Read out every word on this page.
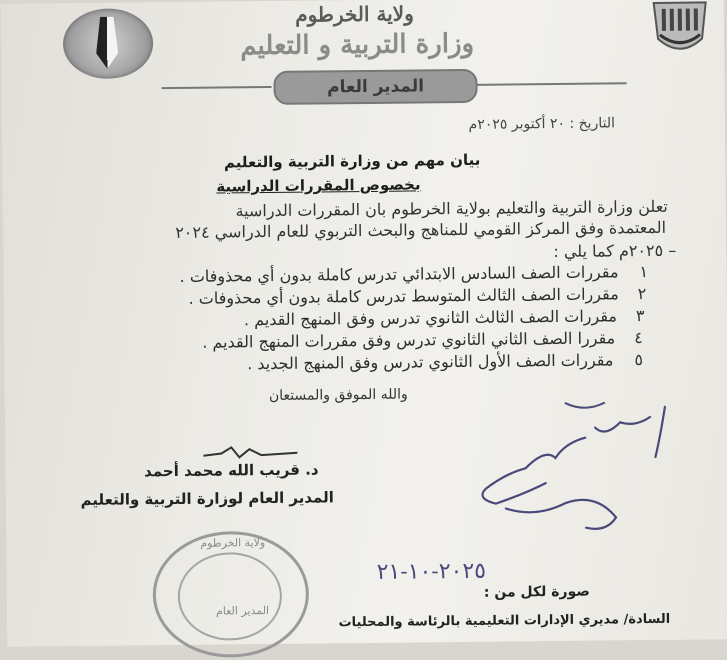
ولاية الخرطوم
وزارة التربية و التعليم
المدير العام
التاريخ : ٢٠ أكتوبر ٢٠٢٥م
بيان مهم من وزارة التربية والتعليم
بخصوص المقررات الدراسية
تعلن وزارة التربية والتعليم بولاية الخرطوم بان المقررات الدراسية
المعتمدة وفق المركز القومي للمناهج والبحث التربوي للعام الدراسي ٢٠٢٤
– ٢٠٢٥م كما يلي :
١
مقررات الصف السادس الابتدائي تدرس كاملة بدون أي محذوفات .
٢
مقررات الصف الثالث المتوسط تدرس كاملة بدون أي محذوفات .
٣
مقررات الصف الثالث الثانوي تدرس وفق المنهج القديم .
٤
مقررا الصف الثاني الثانوي تدرس وفق مقررات المنهج القديم .
٥
مقررات الصف الأول الثانوي تدرس وفق المنهج الجديد .
والله الموفق والمستعان
د. قريب الله محمد أحمد
المدير العام لوزارة التربية والتعليم
ولاية الخرطوم
المدير العام
٢٠٢٥-١٠-٢١
صورة لكل من :
السادة/ مديري الإدارات التعليمية بالرئاسة والمحليات
